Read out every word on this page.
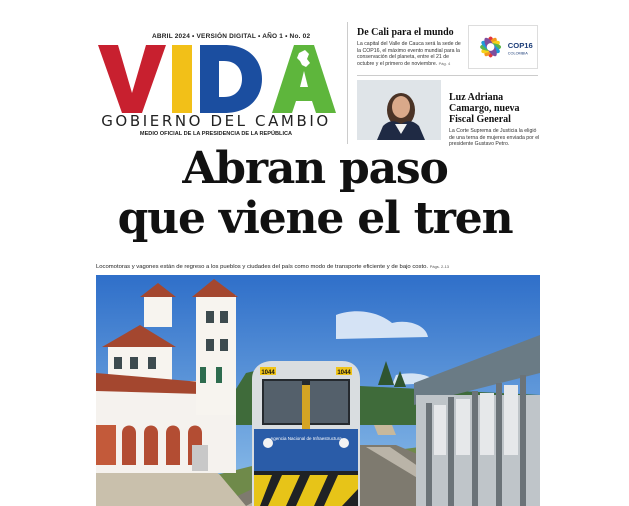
ABRIL 2024 • VERSIÓN DIGITAL • AÑO 1 • No. 02
GOBIERNO DEL CAMBIO
MEDIO OFICIAL DE LA PRESIDENCIA DE LA REPÚBLICA

De Cali para el mundo

La capital del Valle de Cauca será la sede de la COP16, el máximo evento mundial para la conservación del planeta, entre el 21 de octubre y el primero de noviembre. Pág. 4

COP16
COLOMBIA

Luz Adriana Camargo, nueva Fiscal General

La Corte Suprema de Justicia la eligió de una terna de mujeres enviada por el presidente Gustavo Petro.

Abran paso
que viene el tren
Locomotoras y vagones están de regreso a los pueblos y ciudades del país como modo de transporte eficiente y de bajo costo. Págs. 2-13
1044	1044
Agencia Nacional de Infraestructura
